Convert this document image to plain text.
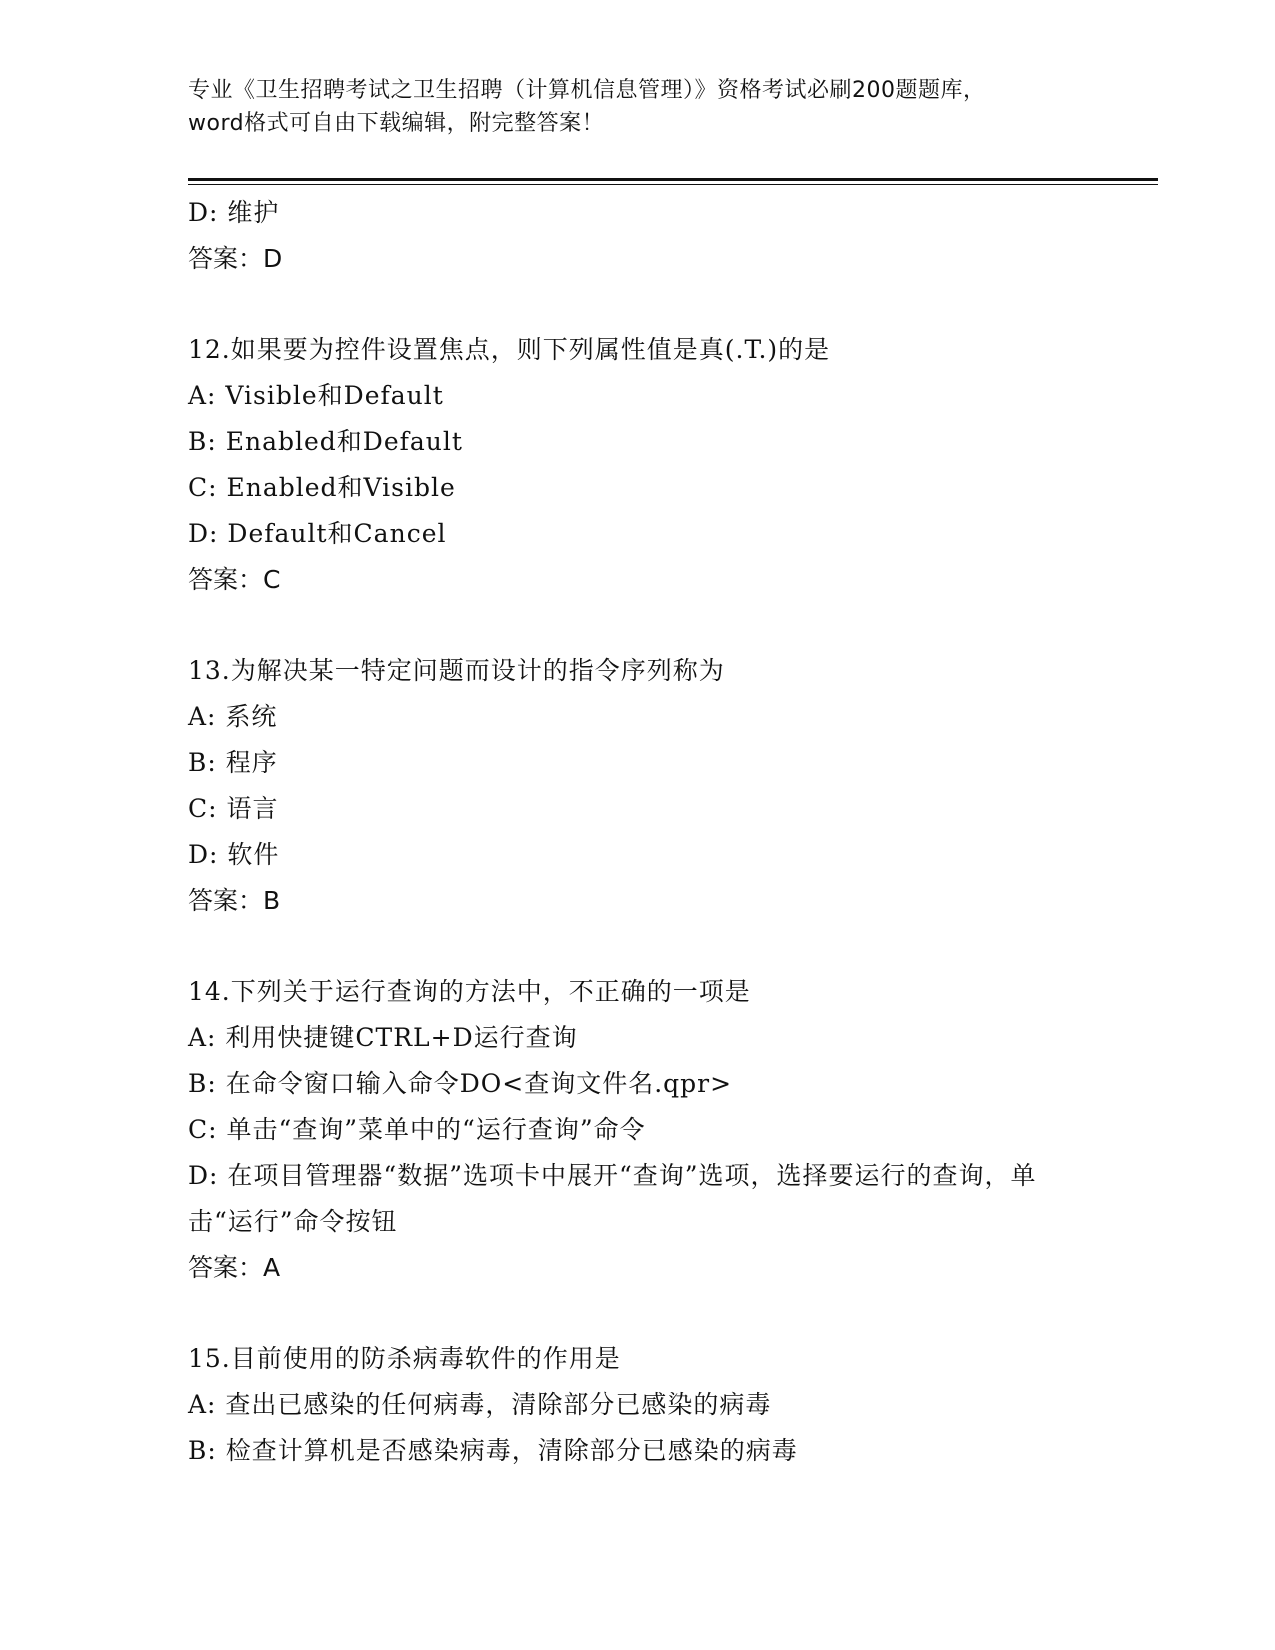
专业《卫生招聘考试之卫生招聘（计算机信息管理）》资格考试必刷200题题库，
word格式可自由下载编辑，附完整答案！
D: 维护
答案：D
12.如果要为控件设置焦点，则下列属性值是真(.T.)的是
A: Visible和Default
B: Enabled和Default
C: Enabled和Visible
D: Default和Cancel
答案：C
13.为解决某一特定问题而设计的指令序列称为
A: 系统
B: 程序
C: 语言
D: 软件
答案：B
14.下列关于运行查询的方法中，不正确的一项是
A: 利用快捷键CTRL+D运行查询
B: 在命令窗口输入命令DO<查询文件名.qpr>
C: 单击“查询”菜单中的“运行查询”命令
D: 在项目管理器“数据”选项卡中展开“查询”选项，选择要运行的查询，单击“运行”命令按钮
答案：A
15.目前使用的防杀病毒软件的作用是
A: 查出已感染的任何病毒，清除部分已感染的病毒
B: 检查计算机是否感染病毒，清除部分已感染的病毒
